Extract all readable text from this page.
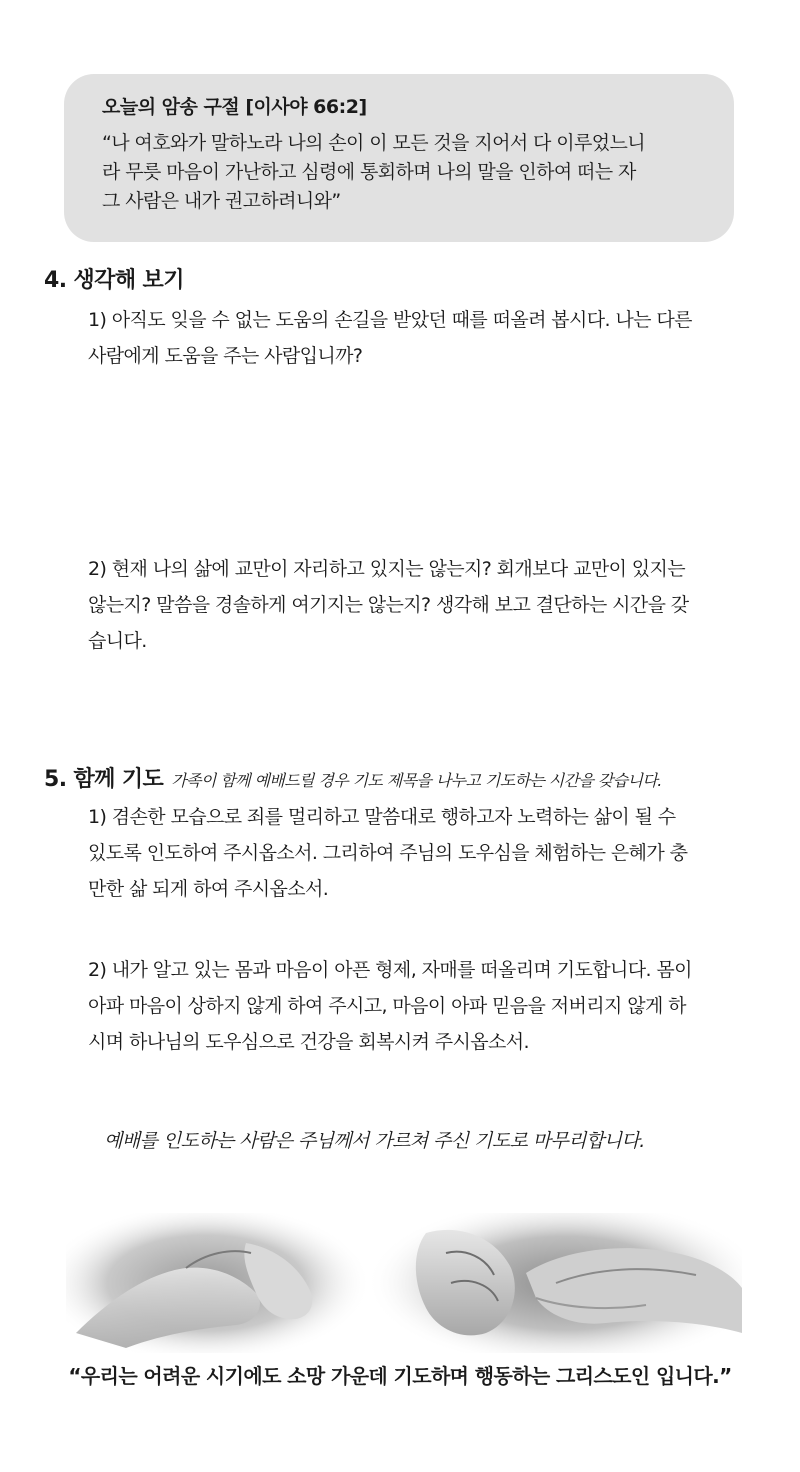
오늘의 암송 구절 [이사야 66:2]

“나 여호와가 말하노라 나의 손이 이 모든 것을 지어서 다 이루었느니
라 무릇 마음이 가난하고 심령에 통회하며 나의 말을 인하여 떠는 자
그 사람은 내가 권고하려니와”

4. 생각해 보기

1) 아직도 잊을 수 없는 도움의 손길을 받았던 때를 떠올려 봅시다. 나는 다른
사람에게 도움을 주는 사람입니까?

2) 현재 나의 삶에 교만이 자리하고 있지는 않는지? 회개보다 교만이 있지는
않는지? 말씀을 경솔하게 여기지는 않는지? 생각해 보고 결단하는 시간을 갖
습니다.

5. 함께 기도 가족이 함께 예배드릴 경우 기도 제목을 나누고 기도하는 시간을 갖습니다.

1) 겸손한 모습으로 죄를 멀리하고 말씀대로 행하고자 노력하는 삶이 될 수
있도록 인도하여 주시옵소서. 그리하여 주님의 도우심을 체험하는 은혜가 충
만한 삶 되게 하여 주시옵소서.

2) 내가 알고 있는 몸과 마음이 아픈 형제, 자매를 떠올리며 기도합니다. 몸이
아파 마음이 상하지 않게 하여 주시고, 마음이 아파 믿음을 저버리지 않게 하
시며 하나님의 도우심으로 건강을 회복시켜 주시옵소서.

예배를 인도하는 사람은 주님께서 가르쳐 주신 기도로 마무리합니다.

“우리는 어려운 시기에도 소망 가운데 기도하며 행동하는 그리스도인 입니다.”
